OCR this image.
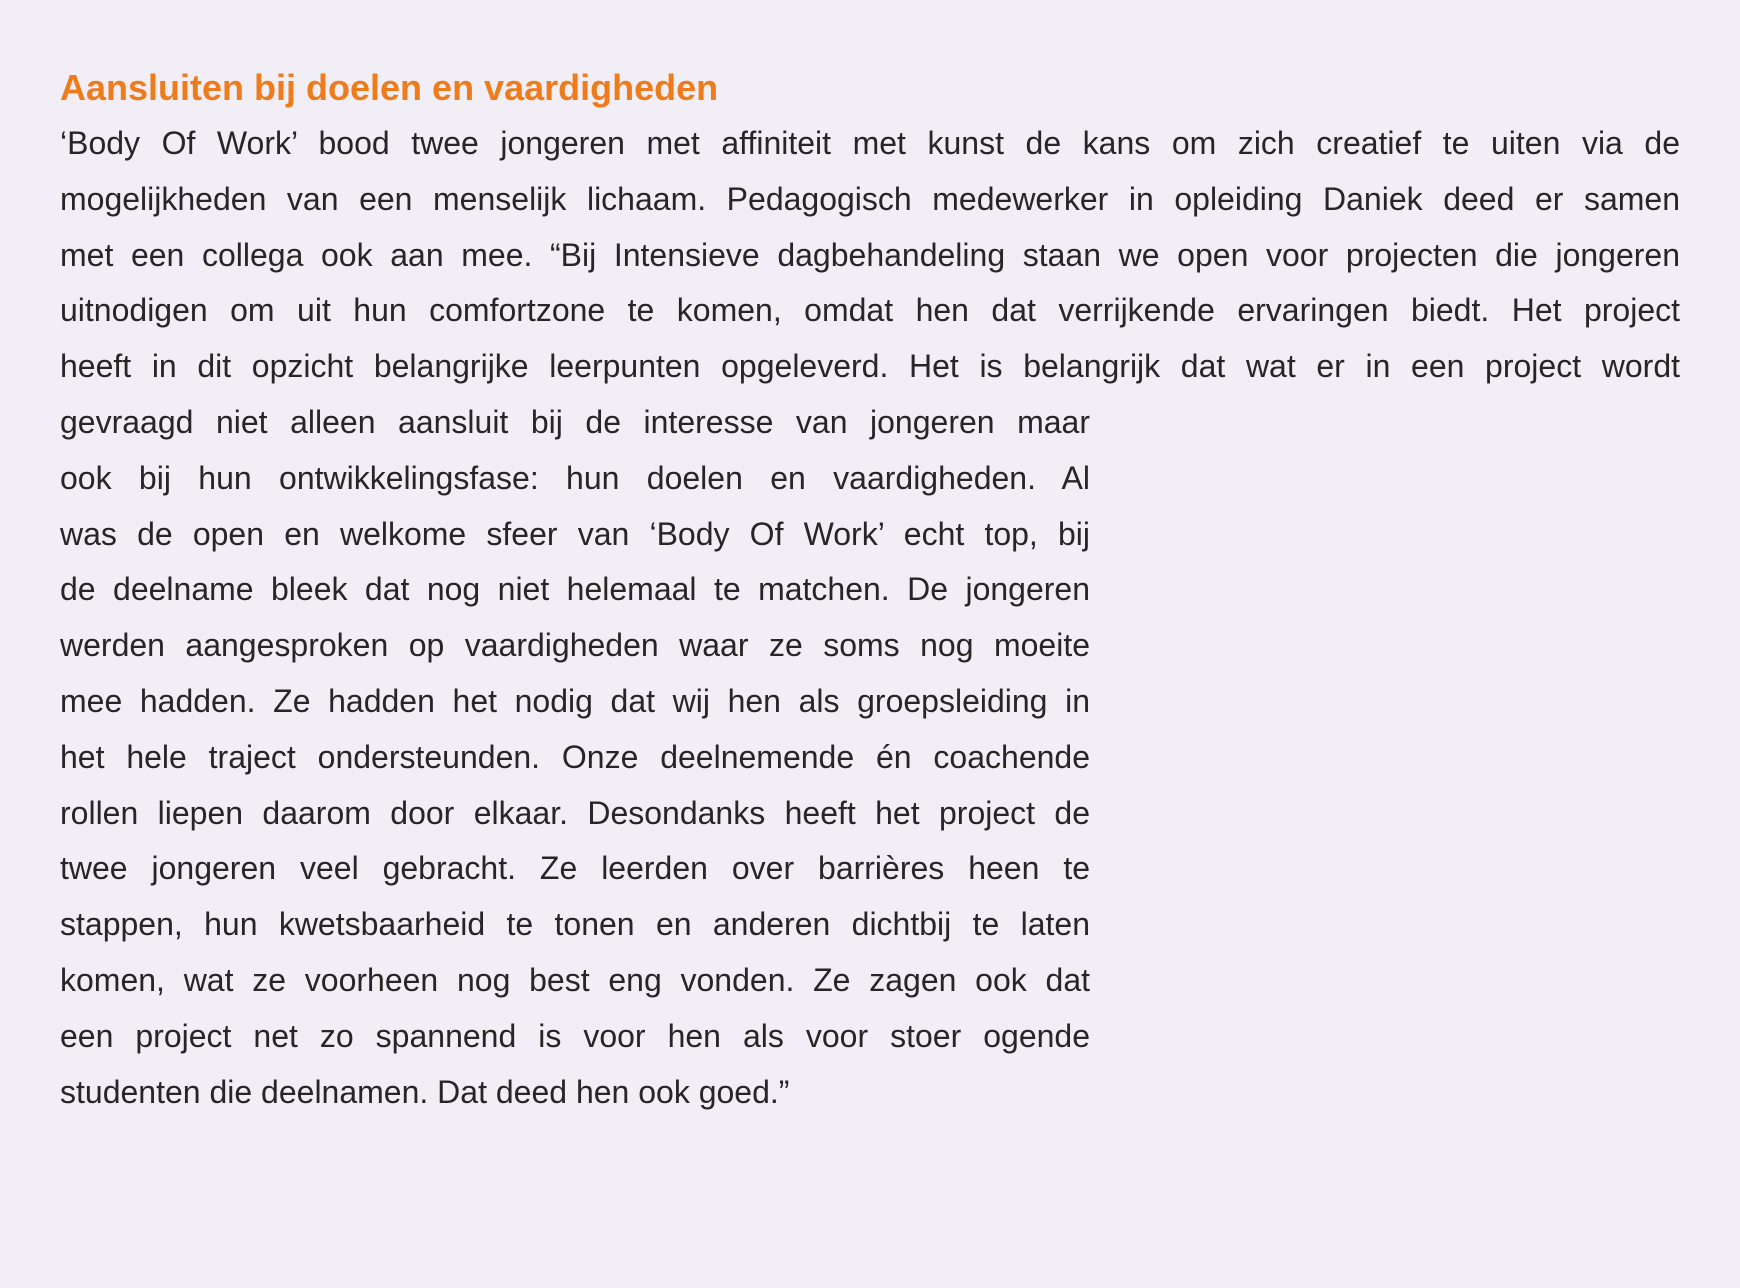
Aansluiten bij doelen en vaardigheden
‘Body Of Work’ bood twee jongeren met affiniteit met kunst de kans om zich creatief te uiten via de
mogelijkheden van een menselijk lichaam. Pedagogisch medewerker in opleiding Daniek deed er samen
met een collega ook aan mee. “Bij Intensieve dagbehandeling staan we open voor projecten die jongeren
uitnodigen om uit hun comfortzone te komen, omdat hen dat verrijkende ervaringen biedt. Het project
heeft in dit opzicht belangrijke leerpunten opgeleverd. Het is belangrijk dat wat er in een project wordt
gevraagd niet alleen aansluit bij de interesse van jongeren maar
ook bij hun ontwikkelingsfase: hun doelen en vaardigheden. Al
was de open en welkome sfeer van ‘Body Of Work’ echt top, bij
de deelname bleek dat nog niet helemaal te matchen. De jongeren
werden aangesproken op vaardigheden waar ze soms nog moeite
mee hadden. Ze hadden het nodig dat wij hen als groepsleiding in
het hele traject ondersteunden. Onze deelnemende én coachende
rollen liepen daarom door elkaar. Desondanks heeft het project de
twee jongeren veel gebracht. Ze leerden over barrières heen te
stappen, hun kwetsbaarheid te tonen en anderen dichtbij te laten
komen, wat ze voorheen nog best eng vonden. Ze zagen ook dat
een project net zo spannend is voor hen als voor stoer ogende
studenten die deelnamen. Dat deed hen ook goed.”
